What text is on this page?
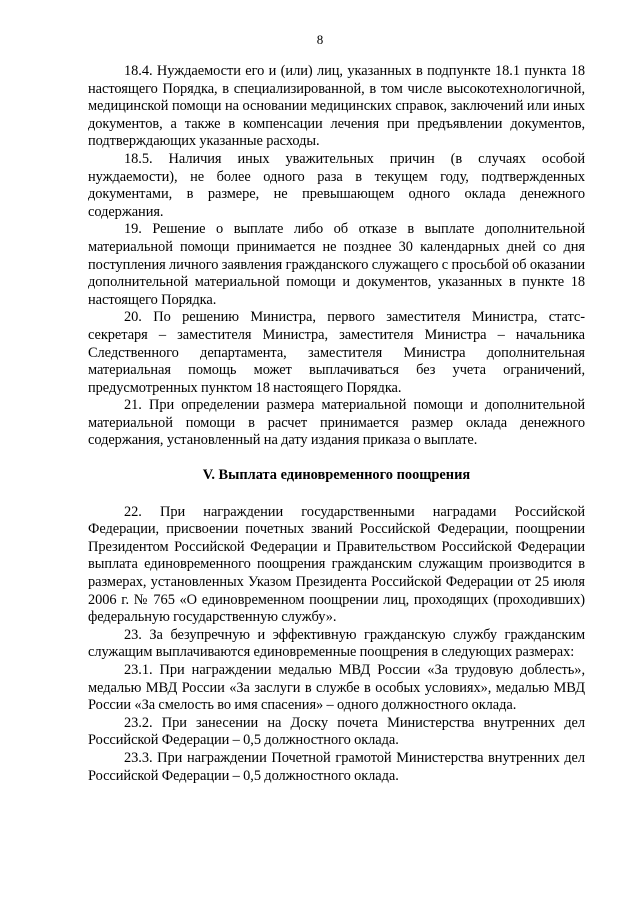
8

18.4. Нуждаемости его и (или) лиц, указанных в подпункте 18.1 пункта 18 настоящего Порядка, в специализированной, в том числе высокотехнологичной, медицинской помощи на основании медицинских справок, заключений или иных документов, а также в компенсации лечения при предъявлении документов, подтверждающих указанные расходы.

18.5. Наличия иных уважительных причин (в случаях особой нуждаемости), не более одного раза в текущем году, подтвержденных документами, в размере, не превышающем одного оклада денежного содержания.

19. Решение о выплате либо об отказе в выплате дополнительной материальной помощи принимается не позднее 30 календарных дней со дня поступления личного заявления гражданского служащего с просьбой об оказании дополнительной материальной помощи и документов, указанных в пункте 18 настоящего Порядка.

20. По решению Министра, первого заместителя Министра, статс-секретаря – заместителя Министра, заместителя Министра – начальника Следственного департамента, заместителя Министра дополнительная материальная помощь может выплачиваться без учета ограничений, предусмотренных пунктом 18 настоящего Порядка.

21. При определении размера материальной помощи и дополнительной материальной помощи в расчет принимается размер оклада денежного содержания, установленный на дату издания приказа о выплате.

V. Выплата единовременного поощрения

22. При награждении государственными наградами Российской Федерации, присвоении почетных званий Российской Федерации, поощрении Президентом Российской Федерации и Правительством Российской Федерации выплата единовременного поощрения гражданским служащим производится в размерах, установленных Указом Президента Российской Федерации от 25 июля 2006 г. № 765 «О единовременном поощрении лиц, проходящих (проходивших) федеральную государственную службу».

23. За безупречную и эффективную гражданскую службу гражданским служащим выплачиваются единовременные поощрения в следующих размерах:

23.1. При награждении медалью МВД России «За трудовую доблесть», медалью МВД России «За заслуги в службе в особых условиях», медалью МВД России «За смелость во имя спасения» – одного должностного оклада.

23.2. При занесении на Доску почета Министерства внутренних дел Российской Федерации – 0,5 должностного оклада.

23.3. При награждении Почетной грамотой Министерства внутренних дел Российской Федерации – 0,5 должностного оклада.
